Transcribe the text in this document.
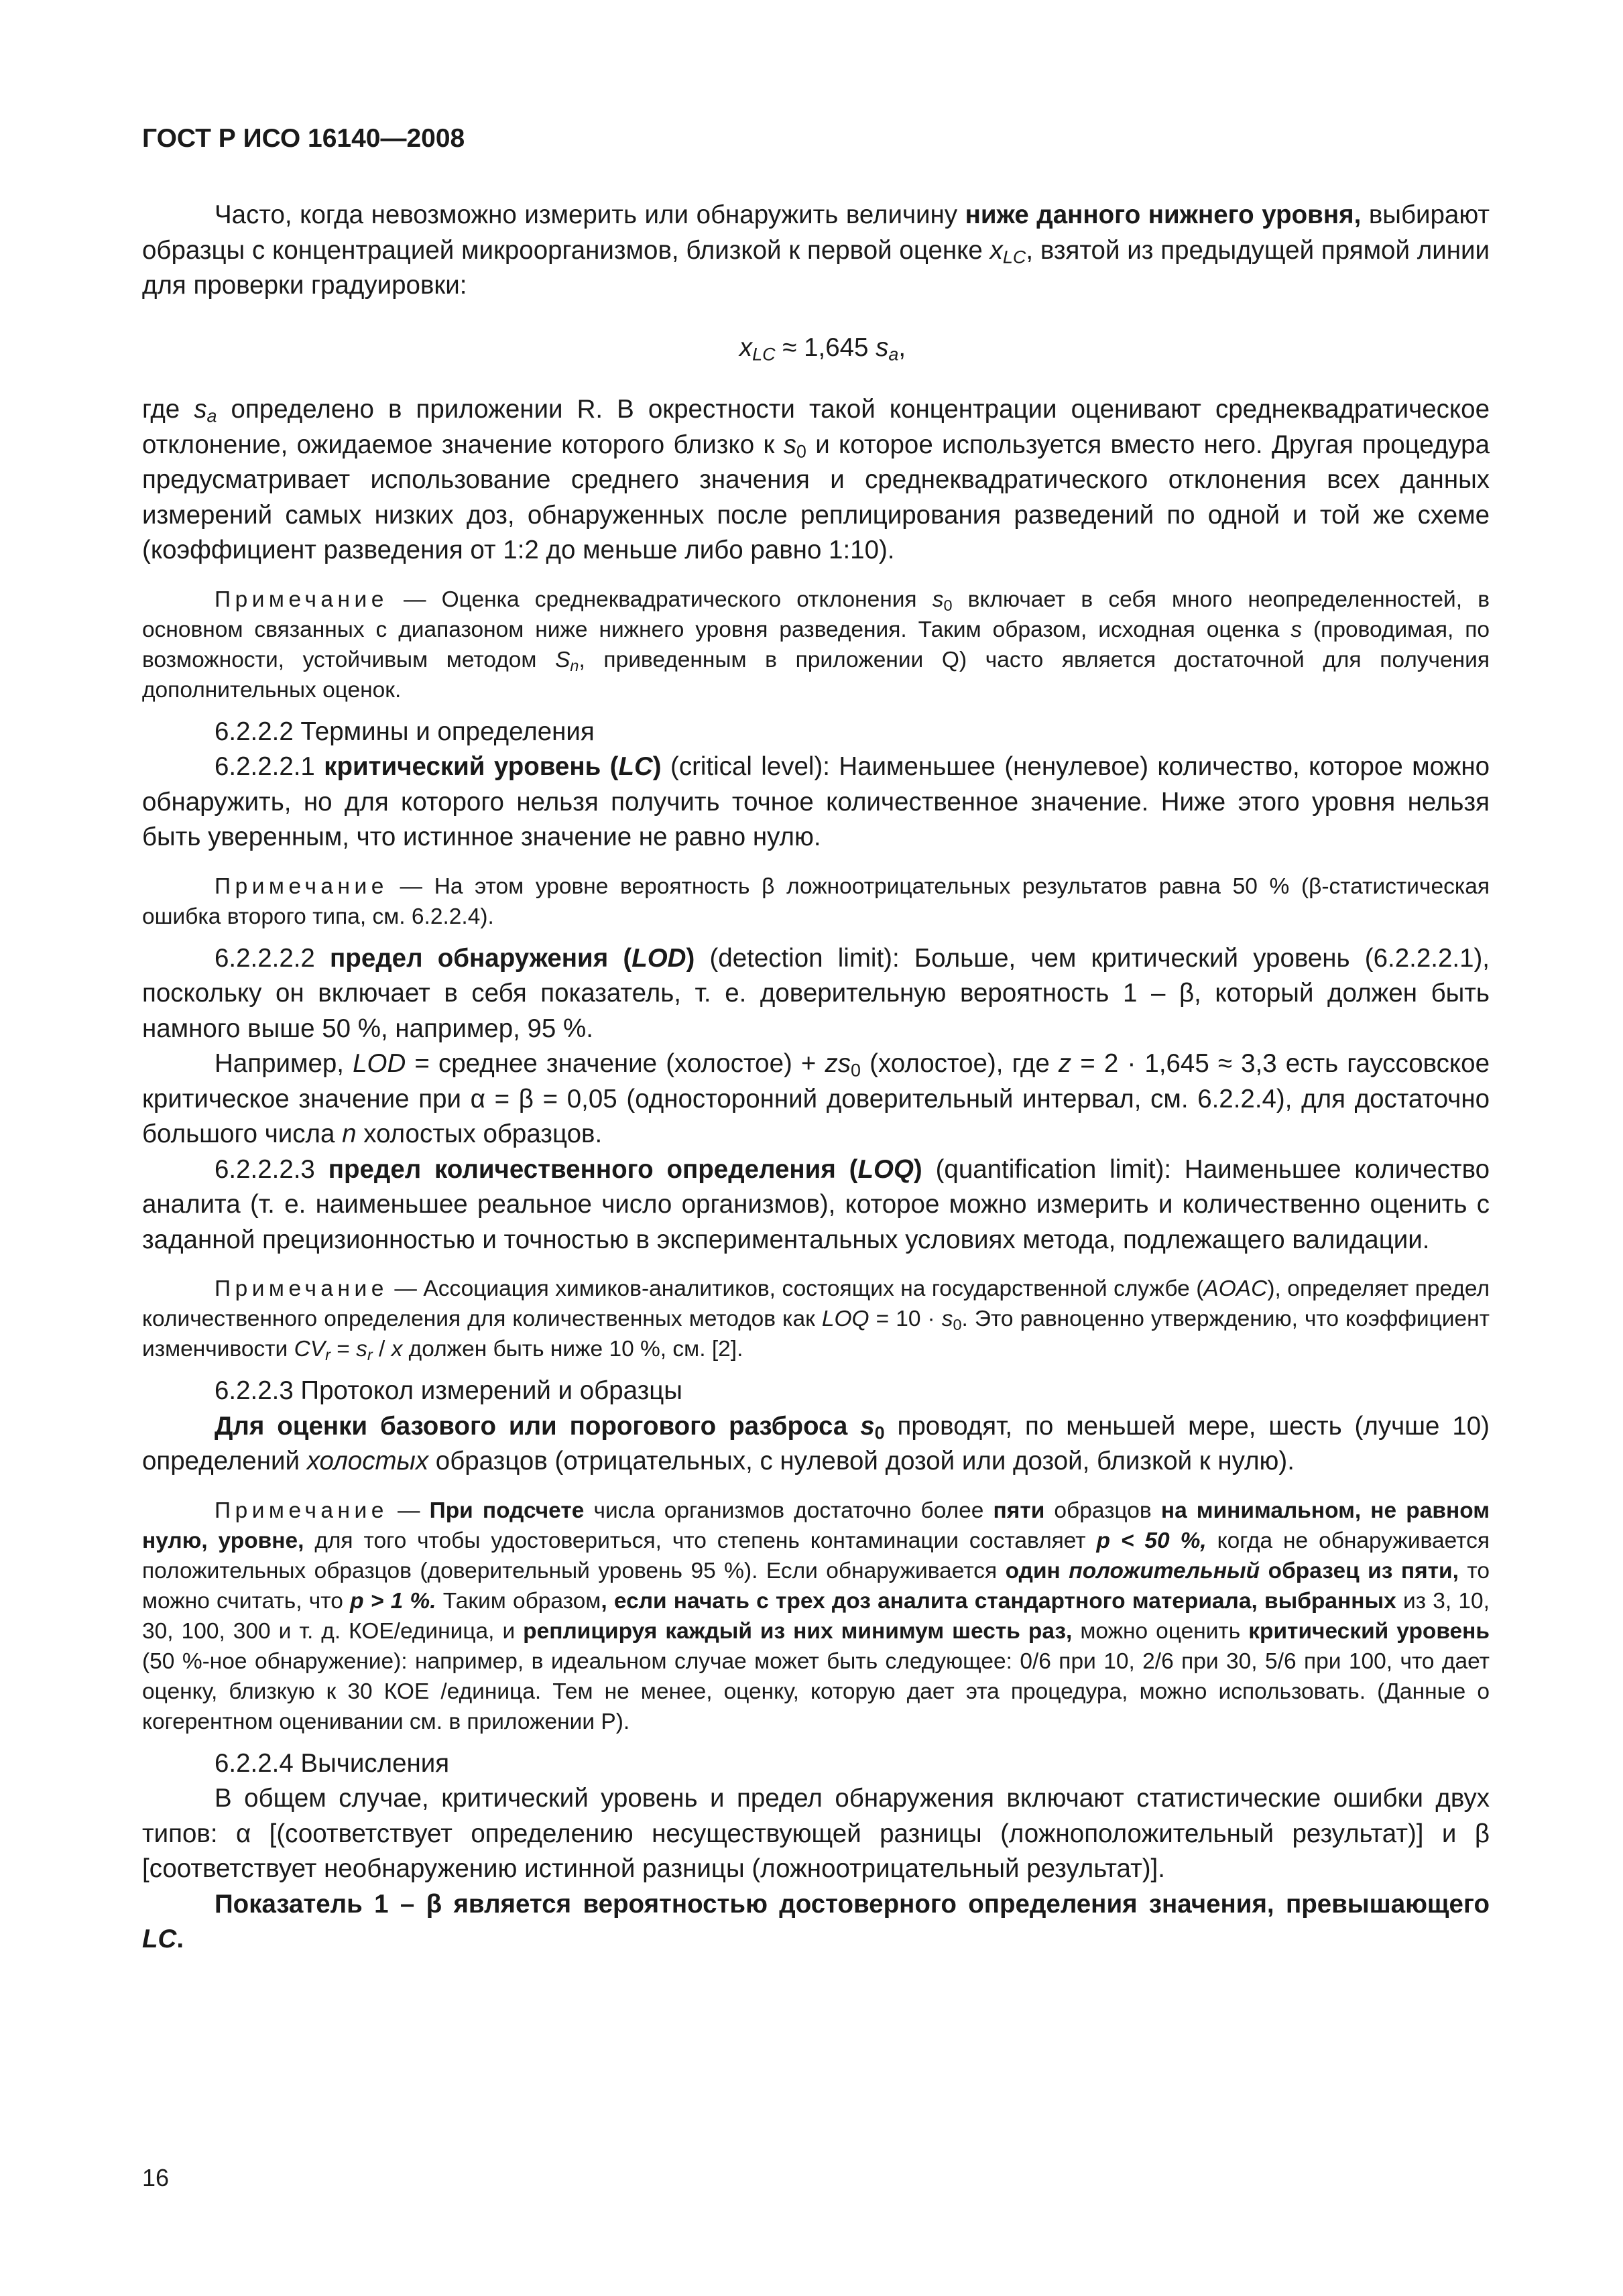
ГОСТ Р ИСО 16140—2008

Часто, когда невозможно измерить или обнаружить величину ниже данного нижнего уровня, выбирают образцы с концентрацией микроорганизмов, близкой к первой оценке $x_{LC}$, взятой из предыдущей прямой линии для проверки градуировки:

$x_{LC} \approx 1,645$ $s_a$,

где $s_a$ определено в приложении R. В окрестности такой концентрации оценивают среднеквадратическое отклонение, ожидаемое значение которого близко к $s_0$ и которое используется вместо него. Другая процедура предусматривает использование среднего значения и среднеквадратического отклонения всех данных измерений самых низких доз, обнаруженных после реплицирования разведений по одной и той же схеме (коэффициент разведения от 1:2 до меньше либо равно 1:10).

Примечание — Оценка среднеквадратического отклонения $s_0$ включает в себя много неопределенностей, в основном связанных с диапазоном ниже нижнего уровня разведения. Таким образом, исходная оценка s (проводимая, по возможности, устойчивым методом $S_n$, приведенным в приложении Q) часто является достаточной для получения дополнительных оценок.

6.2.2.2 Термины и определения

6.2.2.2.1 критический уровень (LC) (critical level): Наименьшее (ненулевое) количество, которое можно обнаружить, но для которого нельзя получить точное количественное значение. Ниже этого уровня нельзя быть уверенным, что истинное значение не равно нулю.

Примечание — На этом уровне вероятность β ложноотрицательных результатов равна 50 % (β-статистическая ошибка второго типа, см. 6.2.2.4).

6.2.2.2.2 предел обнаружения (LOD) (detection limit): Больше, чем критический уровень (6.2.2.2.1), поскольку он включает в себя показатель, т. е. доверительную вероятность 1 – β, который должен быть намного выше 50 %, например, 95 %.

Например, LOD = среднее значение (холостое) + $zs_0$ (холостое), где z = 2 · 1,645 ≈ 3,3 есть гауссовское критическое значение при α = β = 0,05 (односторонний доверительный интервал, см. 6.2.2.4), для достаточно большого числа n холостых образцов.

6.2.2.2.3 предел количественного определения (LOQ) (quantification limit): Наименьшее количество аналита (т. е. наименьшее реальное число организмов), которое можно измерить и количественно оценить с заданной прецизионностью и точностью в экспериментальных условиях метода, подлежащего валидации.

Примечание — Ассоциация химиков-аналитиков, состоящих на государственной службе (AOAC), определяет предел количественного определения для количественных методов как LOQ = $10 \cdot s_0$. Это равноценно утверждению, что коэффициент изменчивости $CV_r = s_r / x$ должен быть ниже 10 %, см. [2].

6.2.2.3 Протокол измерений и образцы

Для оценки базового или порогового разброса $s_0$ проводят, по меньшей мере, шесть (лучше 10) определений холостых образцов (отрицательных, с нулевой дозой или дозой, близкой к нулю).

Примечание — При подсчете числа организмов достаточно более пяти образцов на минимальном, не равном нулю, уровне, для того чтобы удостовериться, что степень контаминации составляет p < 50 %, когда не обнаруживается положительных образцов (доверительный уровень 95 %). Если обнаруживается один положительный образец из пяти, то можно считать, что p > 1 %. Таким образом, если начать с трех доз аналита стандартного материала, выбранных из 3, 10, 30, 100, 300 и т. д. КОЕ/единица, и реплицируя каждый из них минимум шесть раз, можно оценить критический уровень (50 %-ное обнаружение): например, в идеальном случае может быть следующее: 0/6 при 10, 2/6 при 30, 5/6 при 100, что дает оценку, близкую к 30 КОЕ /единица. Тем не менее, оценку, которую дает эта процедура, можно использовать. (Данные о когерентном оценивании см. в приложении P).

6.2.2.4 Вычисления

В общем случае, критический уровень и предел обнаружения включают статистические ошибки двух типов: α [(соответствует определению несуществующей разницы (ложноположительный результат)] и β [соответствует необнаружению истинной разницы (ложноотрицательный результат)].

Показатель 1 – β является вероятностью достоверного определения значения, превышающего LC.

16
